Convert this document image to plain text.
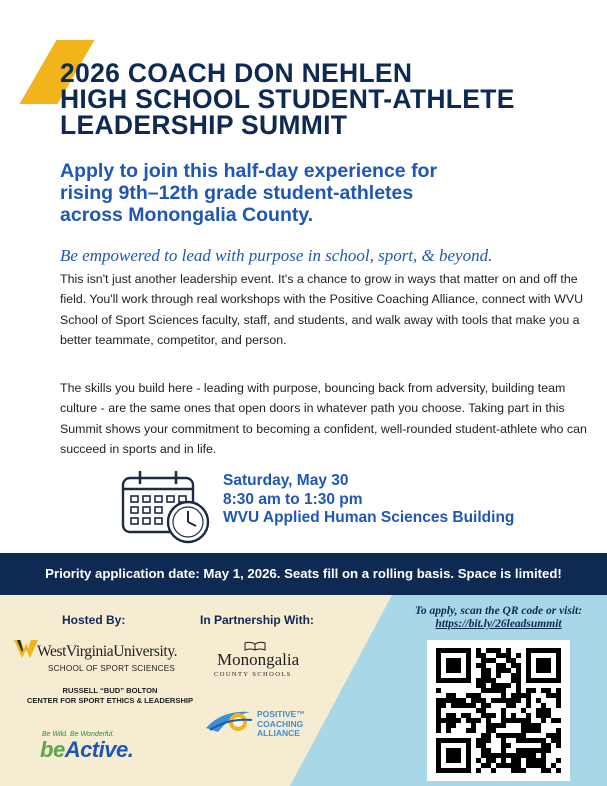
2026 COACH DON NEHLEN
HIGH SCHOOL STUDENT-ATHLETE
LEADERSHIP SUMMIT
Apply to join this half-day experience for
rising 9th–12th grade student-athletes
across Monongalia County.
Be empowered to lead with purpose in school, sport, & beyond.
This isn't just another leadership event. It's a chance to grow in ways that matter on and off the field. You'll work through real workshops with the Positive Coaching Alliance, connect with WVU School of Sport Sciences faculty, staff, and students, and walk away with tools that make you a better teammate, competitor, and person.
The skills you build here - leading with purpose, bouncing back from adversity, building team culture - are the same ones that open doors in whatever path you choose. Taking part in this Summit shows your commitment to becoming a confident, well-rounded student-athlete who can succeed in sports and in life.
Saturday, May 30
8:30 am to 1:30 pm
WVU Applied Human Sciences Building
Priority application date: May 1, 2026. Seats fill on a rolling basis. Space is limited!
Hosted By:	In Partnership With:
WestVirginiaUniversity.
SCHOOL OF SPORT SCIENCES
RUSSELL “BUD” BOLTON
CENTER FOR SPORT ETHICS & LEADERSHIP
Be Wild. Be Wonderful.
beActive.
Monongalia
COUNTY SCHOOLS
POSITIVE™
COACHING
ALLIANCE
To apply, scan the QR code or visit:
https://bit.ly/26leadsummit
